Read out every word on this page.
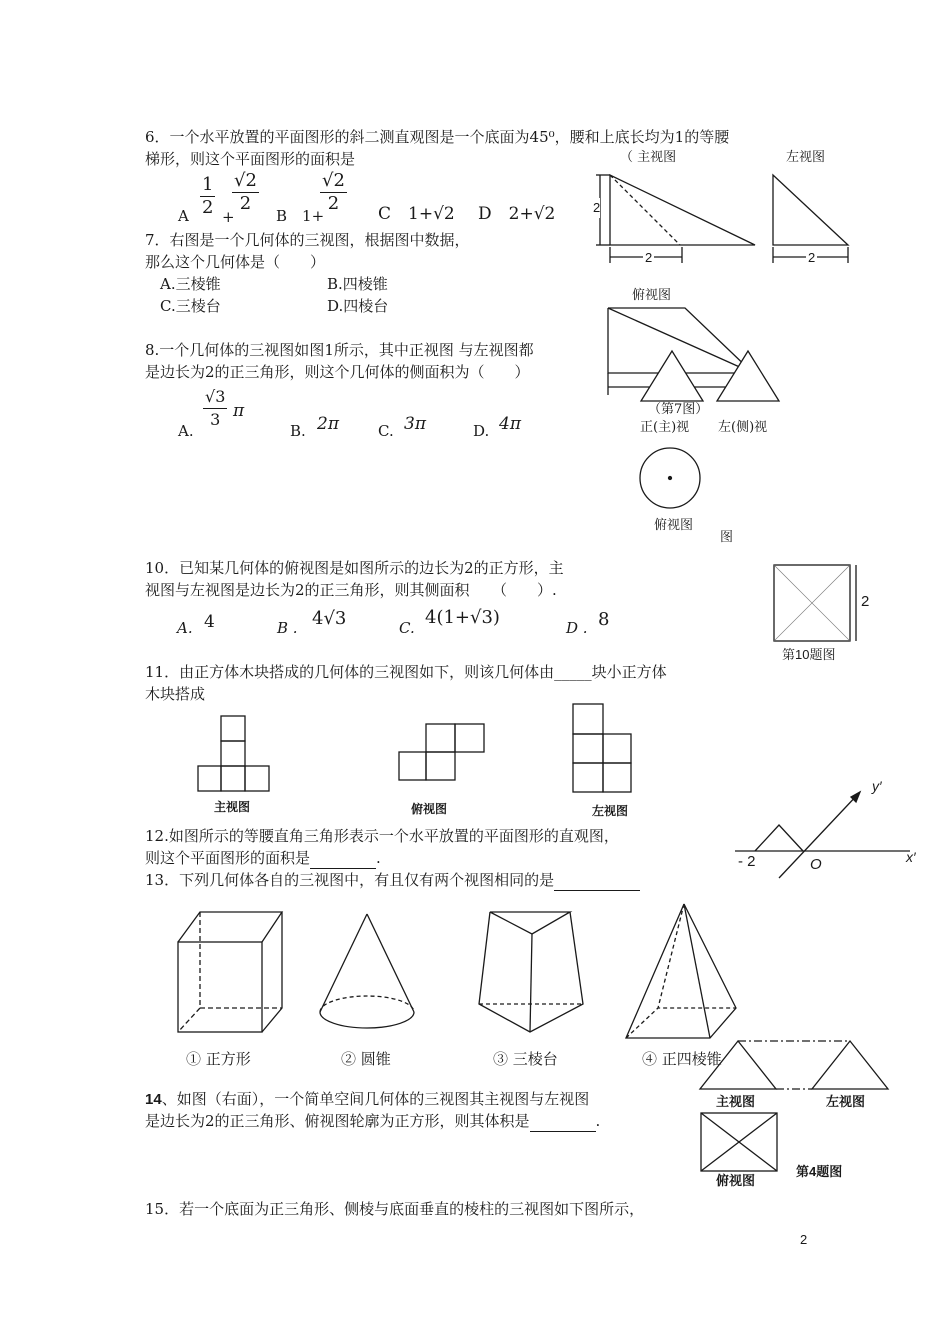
6．一个水平放置的平面图形的斜二测直观图是一个底面为45⁰，腰和上底长均为1的等腰
梯形，则这个平面图形的面积是
A $\frac{1}{2}$ +
$\frac{√2}{2}$
B　1+
$\frac{√2}{2}$ C　1+√2 D　2+√2
（ 主视图	左视图
2
2	2
俯视图
（第7图）
7．右图是一个几何体的三视图，根据图中数据，
那么这个几何体是（　　）
A.三棱锥	B.四棱锥
C.三棱台	D.四棱台
8.一个几何体的三视图如图1所示，其中正视图 与左视图都
是边长为2的正三角形，则这个几何体的侧面积为（　　）
A. $\frac{√3}{3}$ π
B. 2π	C. 3π	D. 4π	正(主)视 左(侧)视
俯视图
图
10．已知某几何体的俯视图是如图所示的边长为2的正方形，主
视图与左视图是边长为2的正三角形，则其侧面积　　（　　）.
A. 4	B . 4√3	C. 4(1+√3)	D . 8
2
第10题图
11．由正方体木块搭成的几何体的三视图如下，则该几何体由_____块小正方体
木块搭成
主视图	俯视图	左视图
12.如图所示的等腰直角三角形表示一个水平放置的平面图形的直观图，
则这个平面图形的面积是	.
y′
x′
- 2	O
13．下列几何体各自的三视图中，有且仅有两个视图相同的是
① 正方形	② 圆锥	③ 三棱台	④ 正四棱锥
14、如图（右面），一个简单空间几何体的三视图其主视图与左视图
是边长为2的正三角形、俯视图轮廓为正方形，则其体积是	.
主视图	左视图
俯视图
第4题图
15．若一个底面为正三角形、侧棱与底面垂直的棱柱的三视图如下图所示，
2
